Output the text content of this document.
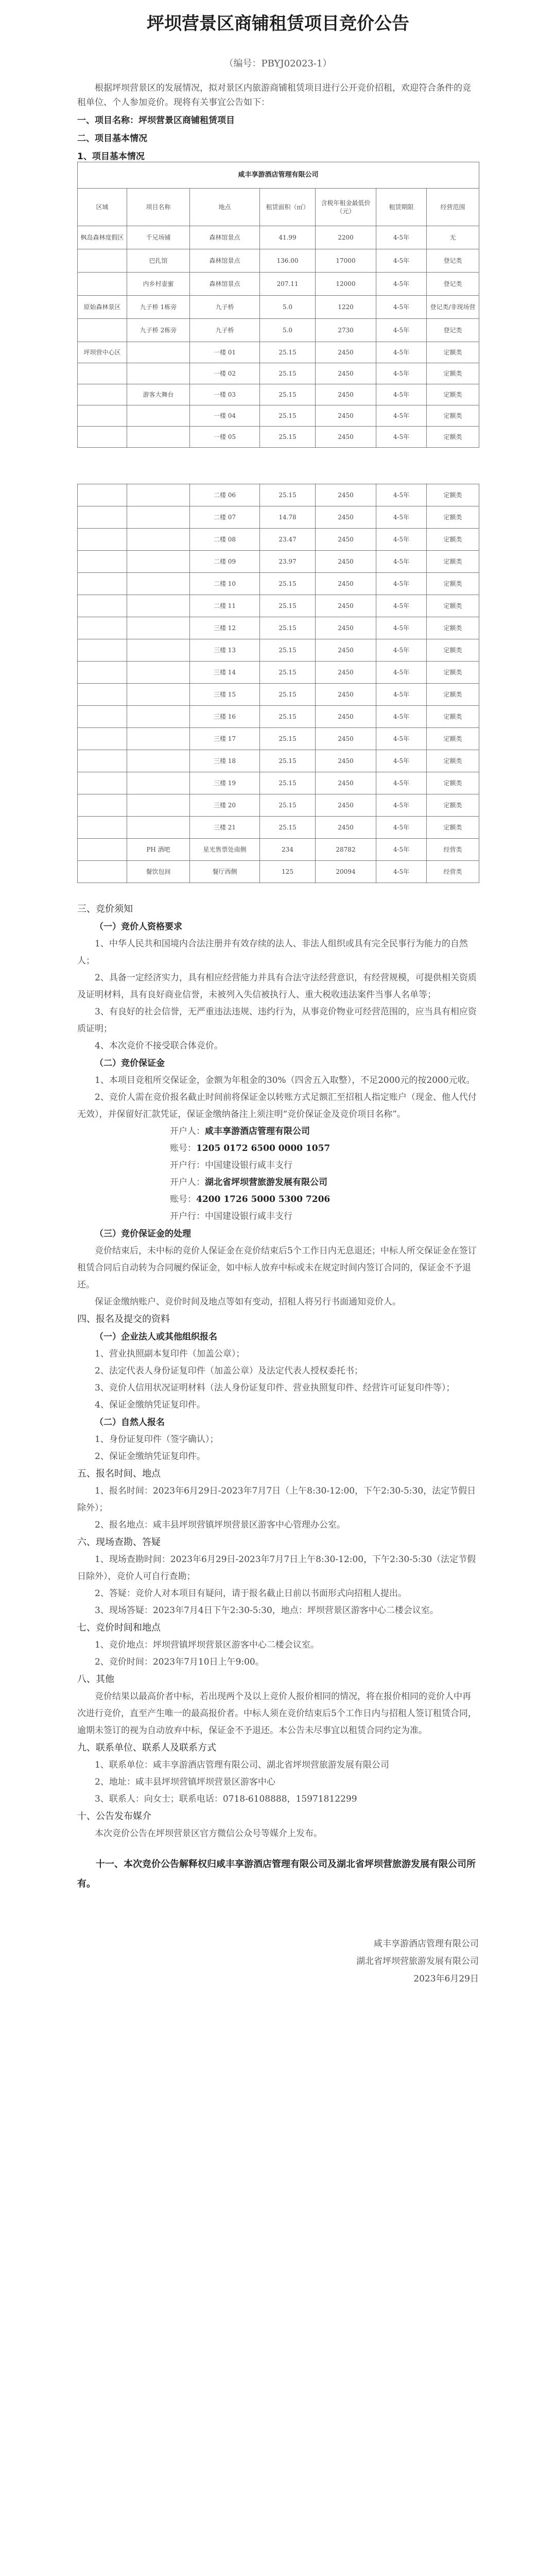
坪坝营景区商铺租赁项目竞价公告
（编号：PBYJ02023-1）
根据坪坝营景区的发展情况，拟对景区内旅游商铺租赁项目进行公开竞价招租，欢迎符合条件的竞租单位、个人参加竞价。现将有关事宜公告如下：
一、项目名称：坪坝营景区商铺租赁项目
二、项目基本情况
1、项目基本情况
咸丰享游酒店管理有限公司						
区域	项目名称	地点	租赁面积（㎡）	含税年租金最低价（元）	租赁期限	经营范围
枫岛森林度假区	千兄场铺	森林馆景点	41.99	2200	4-5年	无
	巴扎馆	森林馆景点	136.00	17000	4-5年	登记类
	内乡村壶蜜	森林馆景点	207.11	12000	4-5年	登记类
原始森林景区	九子桥 1栋旁	九子桥	5.0	1220	4-5年	登记类/非现场营
	九子桥 2栋旁	九子桥	5.0	2730	4-5年	登记类
坪坝营中心区		一楼 01	25.15	2450	4-5年	定额类
		一楼 02	25.15	2450	4-5年	定额类
	游客大舞台	一楼 03	25.15	2450	4-5年	定额类
		一楼 04	25.15	2450	4-5年	定额类
		一楼 05	25.15	2450	4-5年	定额类
		二楼 06	25.15	2450	4-5年	定额类
		二楼 07	14.78	2450	4-5年	定额类
		二楼 08	23.47	2450	4-5年	定额类
		二楼 09	23.97	2450	4-5年	定额类
		二楼 10	25.15	2450	4-5年	定额类
		二楼 11	25.15	2450	4-5年	定额类
		三楼 12	25.15	2450	4-5年	定额类
		三楼 13	25.15	2450	4-5年	定额类
		三楼 14	25.15	2450	4-5年	定额类
		三楼 15	25.15	2450	4-5年	定额类
		三楼 16	25.15	2450	4-5年	定额类
		三楼 17	25.15	2450	4-5年	定额类
		三楼 18	25.15	2450	4-5年	定额类
		三楼 19	25.15	2450	4-5年	定额类
		三楼 20	25.15	2450	4-5年	定额类
		三楼 21	25.15	2450	4-5年	定额类
	PH 酒吧	星光售票处南侧	234	28782	4-5年	经营类
	餐饮包间	餐厅西侧	125	20094	4-5年	经营类
三、竞价须知
（一）竞价人资格要求

1、中华人民共和国境内合法注册并有效存续的法人、非法人组织或具有完全民事行为能力的自然人；

2、具备一定经济实力，具有相应经营能力并具有合法守法经营意识，有经营规模，可提供相关资质及证明材料，具有良好商业信誉，未被列入失信被执行人、重大税收违法案件当事人名单等；

3、有良好的社会信誉，无严重违法违规、违约行为，从事竞价物业可经营范围的，应当具有相应资质证明；

4、本次竞价不接受联合体竞价。

（二）竞价保证金

1、本项目竞租所交保证金，金额为年租金的30%（四舍五入取整），不足2000元的按2000元收。

2、竞价人需在竞价报名截止时间前将保证金以转账方式足额汇至招租人指定账户（现金、他人代付无效），并保留好汇款凭证，保证金缴纳备注上须注明“竞价保证金及竞价项目名称”。

开户人：咸丰享游酒店管理有限公司
账号：1205 0172 6500 0000 1057
开户行：中国建设银行咸丰支行
开户人：湖北省坪坝营旅游发展有限公司
账号：4200 1726 5000 5300 7206
开户行：中国建设银行咸丰支行
（三）竞价保证金的处理

竞价结束后，未中标的竞价人保证金在竞价结束后5个工作日内无息退还；中标人所交保证金在签订租赁合同后自动转为合同履约保证金，如中标人放弃中标或未在规定时间内签订合同的，保证金不予退还。

保证金缴纳账户、竞价时间及地点等如有变动，招租人将另行书面通知竞价人。

四、报名及提交的资料
（一）企业法人或其他组织报名

1、营业执照副本复印件（加盖公章）；

2、法定代表人身份证复印件（加盖公章）及法定代表人授权委托书；

3、竞价人信用状况证明材料（法人身份证复印件、营业执照复印件、经营许可证复印件等）；

4、保证金缴纳凭证复印件。

（二）自然人报名

1、身份证复印件（签字确认）；

2、保证金缴纳凭证复印件。

五、报名时间、地点

1、报名时间：2023年6月29日-2023年7月7日（上午8:30-12:00，下午2:30-5:30，法定节假日除外）；

2、报名地点：咸丰县坪坝营镇坪坝营景区游客中心管理办公室。

六、现场查勘、答疑

1、现场查勘时间：2023年6月29日-2023年7月7日上午8:30-12:00，下午2:30-5:30（法定节假日除外），竞价人可自行查勘；

2、答疑：竞价人对本项目有疑问，请于报名截止日前以书面形式向招租人提出。

3、现场答疑：2023年7月4日下午2:30-5:30，地点：坪坝营景区游客中心二楼会议室。

七、竞价时间和地点

1、竞价地点：坪坝营镇坪坝营景区游客中心二楼会议室。

2、竞价时间：2023年7月10日上午9:00。

八、其他

竞价结果以最高价者中标，若出现两个及以上竞价人报价相同的情况，将在报价相同的竞价人中再次进行竞价，直至产生唯一的最高报价者。中标人须在竞价结束后5个工作日内与招租人签订租赁合同，逾期未签订的视为自动放弃中标，保证金不予退还。本公告未尽事宜以租赁合同约定为准。

九、联系单位、联系人及联系方式

1、联系单位：咸丰享游酒店管理有限公司、湖北省坪坝营旅游发展有限公司

2、地址：咸丰县坪坝营镇坪坝营景区游客中心

3、联系人：向女士；联系电话：0718-6108888，15971812299

十、公告发布媒介

本次竞价公告在坪坝营景区官方微信公众号等媒介上发布。

十一、本次竞价公告解释权归咸丰享游酒店管理有限公司及湖北省坪坝营旅游发展有限公司所有。
咸丰享游酒店管理有限公司
湖北省坪坝营旅游发展有限公司
2023年6月29日
